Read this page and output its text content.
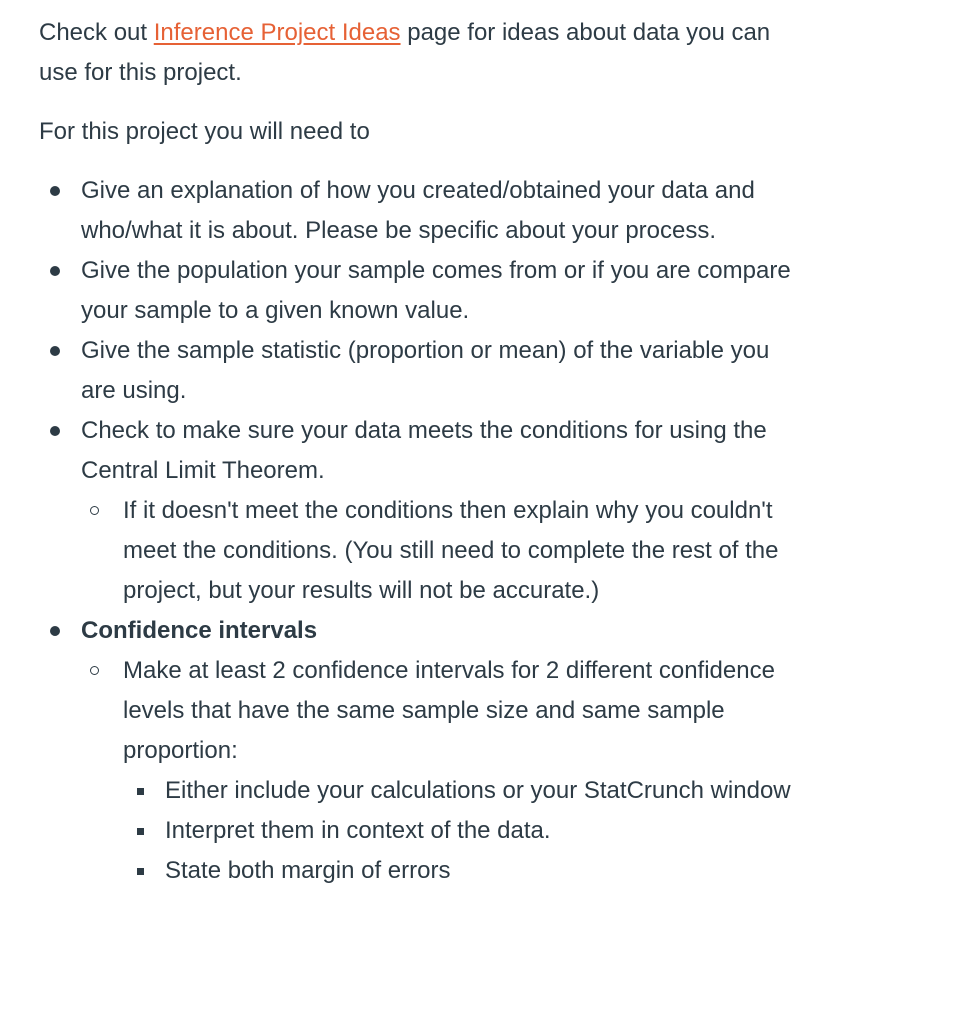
Check out Inference Project Ideas page for ideas about data you can use for this project.

For this project you will need to

Give an explanation of how you created/obtained your data and who/what it is about. Please be specific about your process.
Give the population your sample comes from or if you are compare your sample to a given known value.
Give the sample statistic (proportion or mean) of the variable you are using.
Check to make sure your data meets the conditions for using the Central Limit Theorem.
If it doesn't meet the conditions then explain why you couldn't meet the conditions. (You still need to complete the rest of the project, but your results will not be accurate.)
Confidence intervals
Make at least 2 confidence intervals for 2 different confidence levels that have the same sample size and same sample proportion:
Either include your calculations or your StatCrunch window
Interpret them in context of the data.
State both margin of errors
